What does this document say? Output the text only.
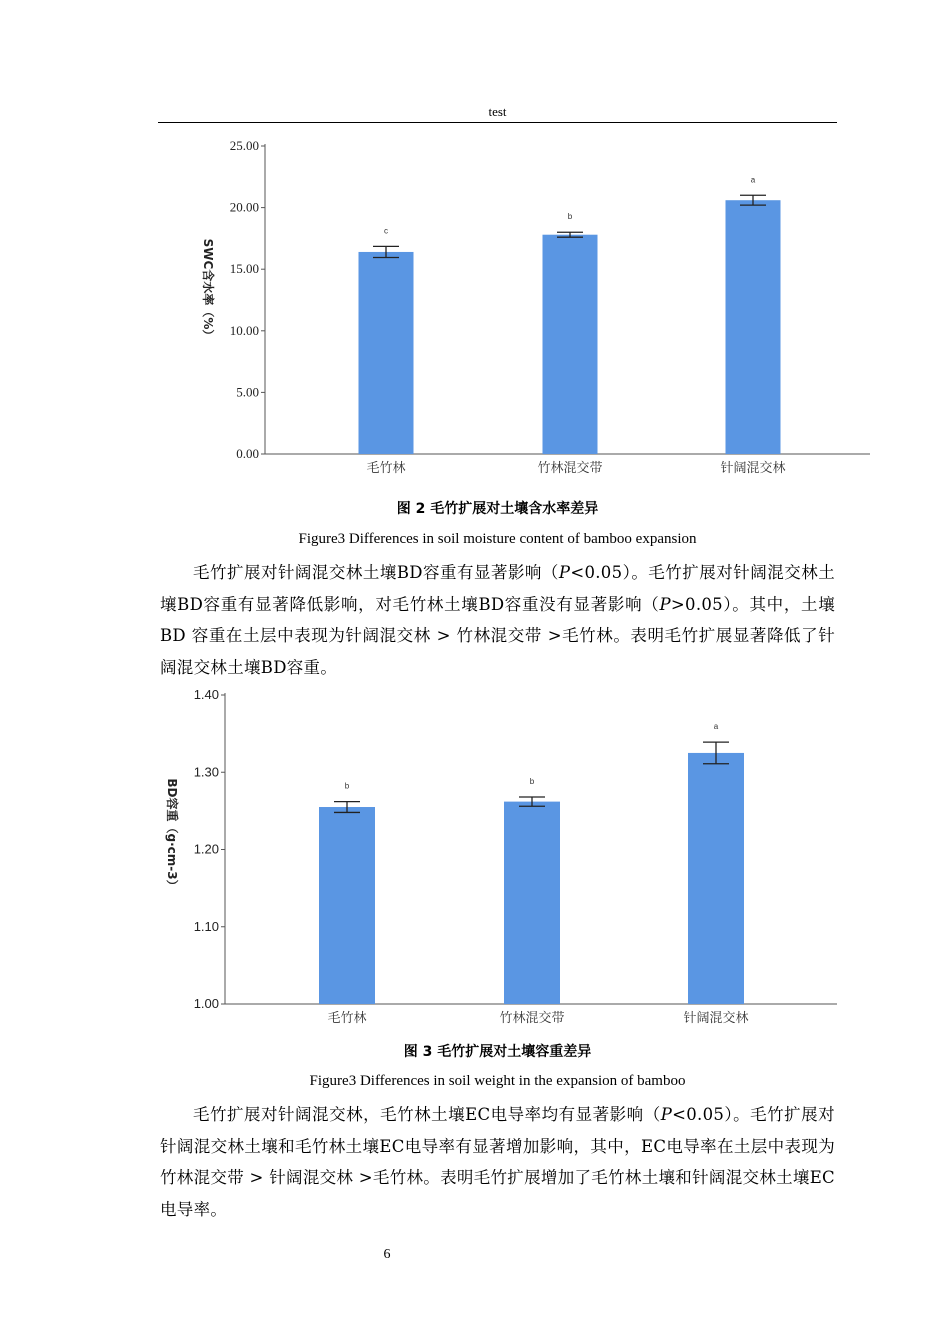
test
0.00
5.00
10.00
15.00
20.00
25.00
SWC含水率（%）
c
毛竹林
b
竹林混交带
a
针阔混交林
图 2 毛竹扩展对土壤含水率差异
Figure3 Differences in soil moisture content of bamboo expansion
毛竹扩展对针阔混交林土壤BD容重有显著影响（P<0.05）。毛竹扩展对针阔混交林土壤BD容重有显著降低影响，对毛竹林土壤BD容重没有显著影响（P>0.05）。其中，土壤BD 容重在土层中表现为针阔混交林 > 竹林混交带 >毛竹林。表明毛竹扩展显著降低了针阔混交林土壤BD容重。
1.00
1.10
1.20
1.30
1.40
BD容重（g·cm-3）	b
毛竹林
b
竹林混交带
a
针阔混交林
图 3 毛竹扩展对土壤容重差异
Figure3 Differences in soil weight in the expansion of bamboo
毛竹扩展对针阔混交林，毛竹林土壤EC电导率均有显著影响（P<0.05）。毛竹扩展对针阔混交林土壤和毛竹林土壤EC电导率有显著增加影响，其中，EC电导率在土层中表现为竹林混交带 > 针阔混交林 >毛竹林。表明毛竹扩展增加了毛竹林土壤和针阔混交林土壤EC电导率。
6
